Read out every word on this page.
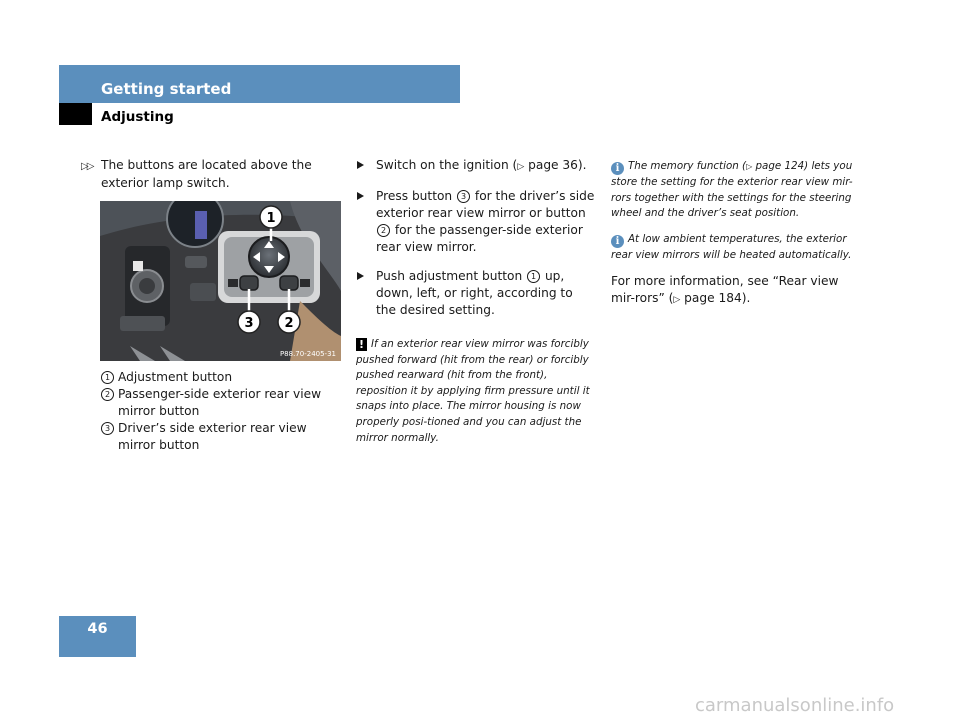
Getting started
Adjusting

▷▷ The buttons are located above the exterior lamp switch.

1
2
3
P88.70-2405-31
1 Adjustment button
2 Passenger-side exterior rear view mirror button
3 Driver’s side exterior rear view mirror button
Switch on the ignition (▷ page 36).
Press button 3 for the driver’s side exterior rear view mirror or button 2 for the passenger-side exterior rear view mirror.
Push adjustment button 1 up, down, left, or right, according to the desired setting.
! If an exterior rear view mirror was forcibly pushed forward (hit from the rear) or forcibly pushed rearward (hit from the front), reposition it by applying firm pressure until it snaps into place. The mirror housing is now properly posi-tioned and you can adjust the mirror normally.

i The memory function (▷ page 124) lets you store the setting for the exterior rear view mir-rors together with the settings for the steering wheel and the driver’s seat position.

i At low ambient temperatures, the exterior rear view mirrors will be heated automatically.

For more information, see “Rear view mir-rors” (▷ page 184).

46
carmanualsonline.info
